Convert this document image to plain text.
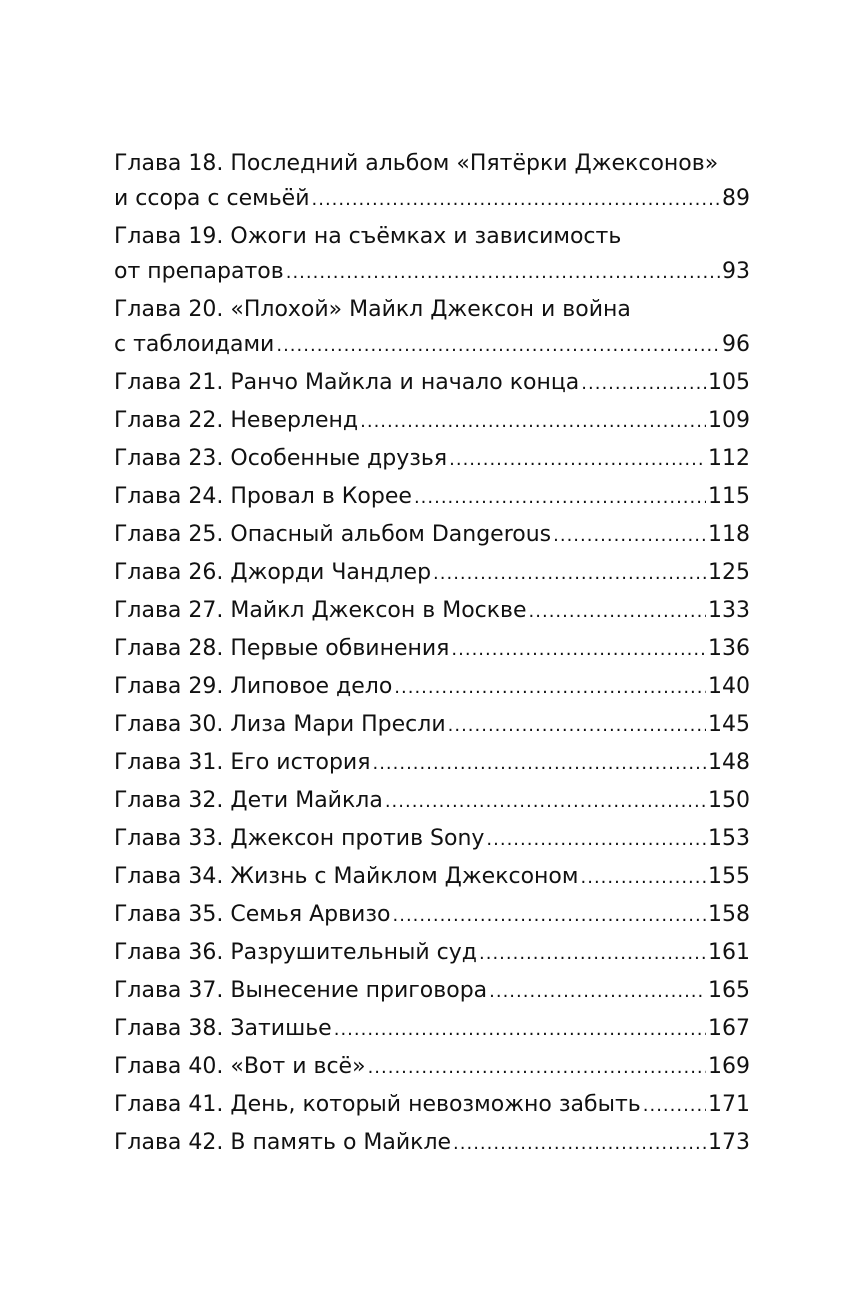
Глава 18. Последний альбом «Пятёрки Джексонов»
и ссора с семьёй .....	89
Глава 19. Ожоги на съёмках и зависимость
от препаратов .....	93
Глава 20. «Плохой» Майкл Джексон и война
с таблоидами .....	96
Глава 21. Ранчо Майкла и начало конца .....	105
Глава 22. Неверленд .....	109
Глава 23. Особенные друзья .....	112
Глава 24. Провал в Корее .....	115
Глава 25. Опасный альбом Dangerous .....	118
Глава 26. Джорди Чандлер .....	125
Глава 27. Майкл Джексон в Москве .....	133
Глава 28. Первые обвинения .....	136
Глава 29. Липовое дело .....	140
Глава 30. Лиза Мари Пресли .....	145
Глава 31. Его история .....	148
Глава 32. Дети Майкла .....	150
Глава 33. Джексон против Sony .....	153
Глава 34. Жизнь с Майклом Джексоном .....	155
Глава 35. Семья Арвизо .....	158
Глава 36. Разрушительный суд .....	161
Глава 37. Вынесение приговора .....	165
Глава 38. Затишье .....	167
Глава 40. «Вот и всё» .....	169
Глава 41. День, который невозможно забыть .....	171
Глава 42. В память о Майкле .....	173
